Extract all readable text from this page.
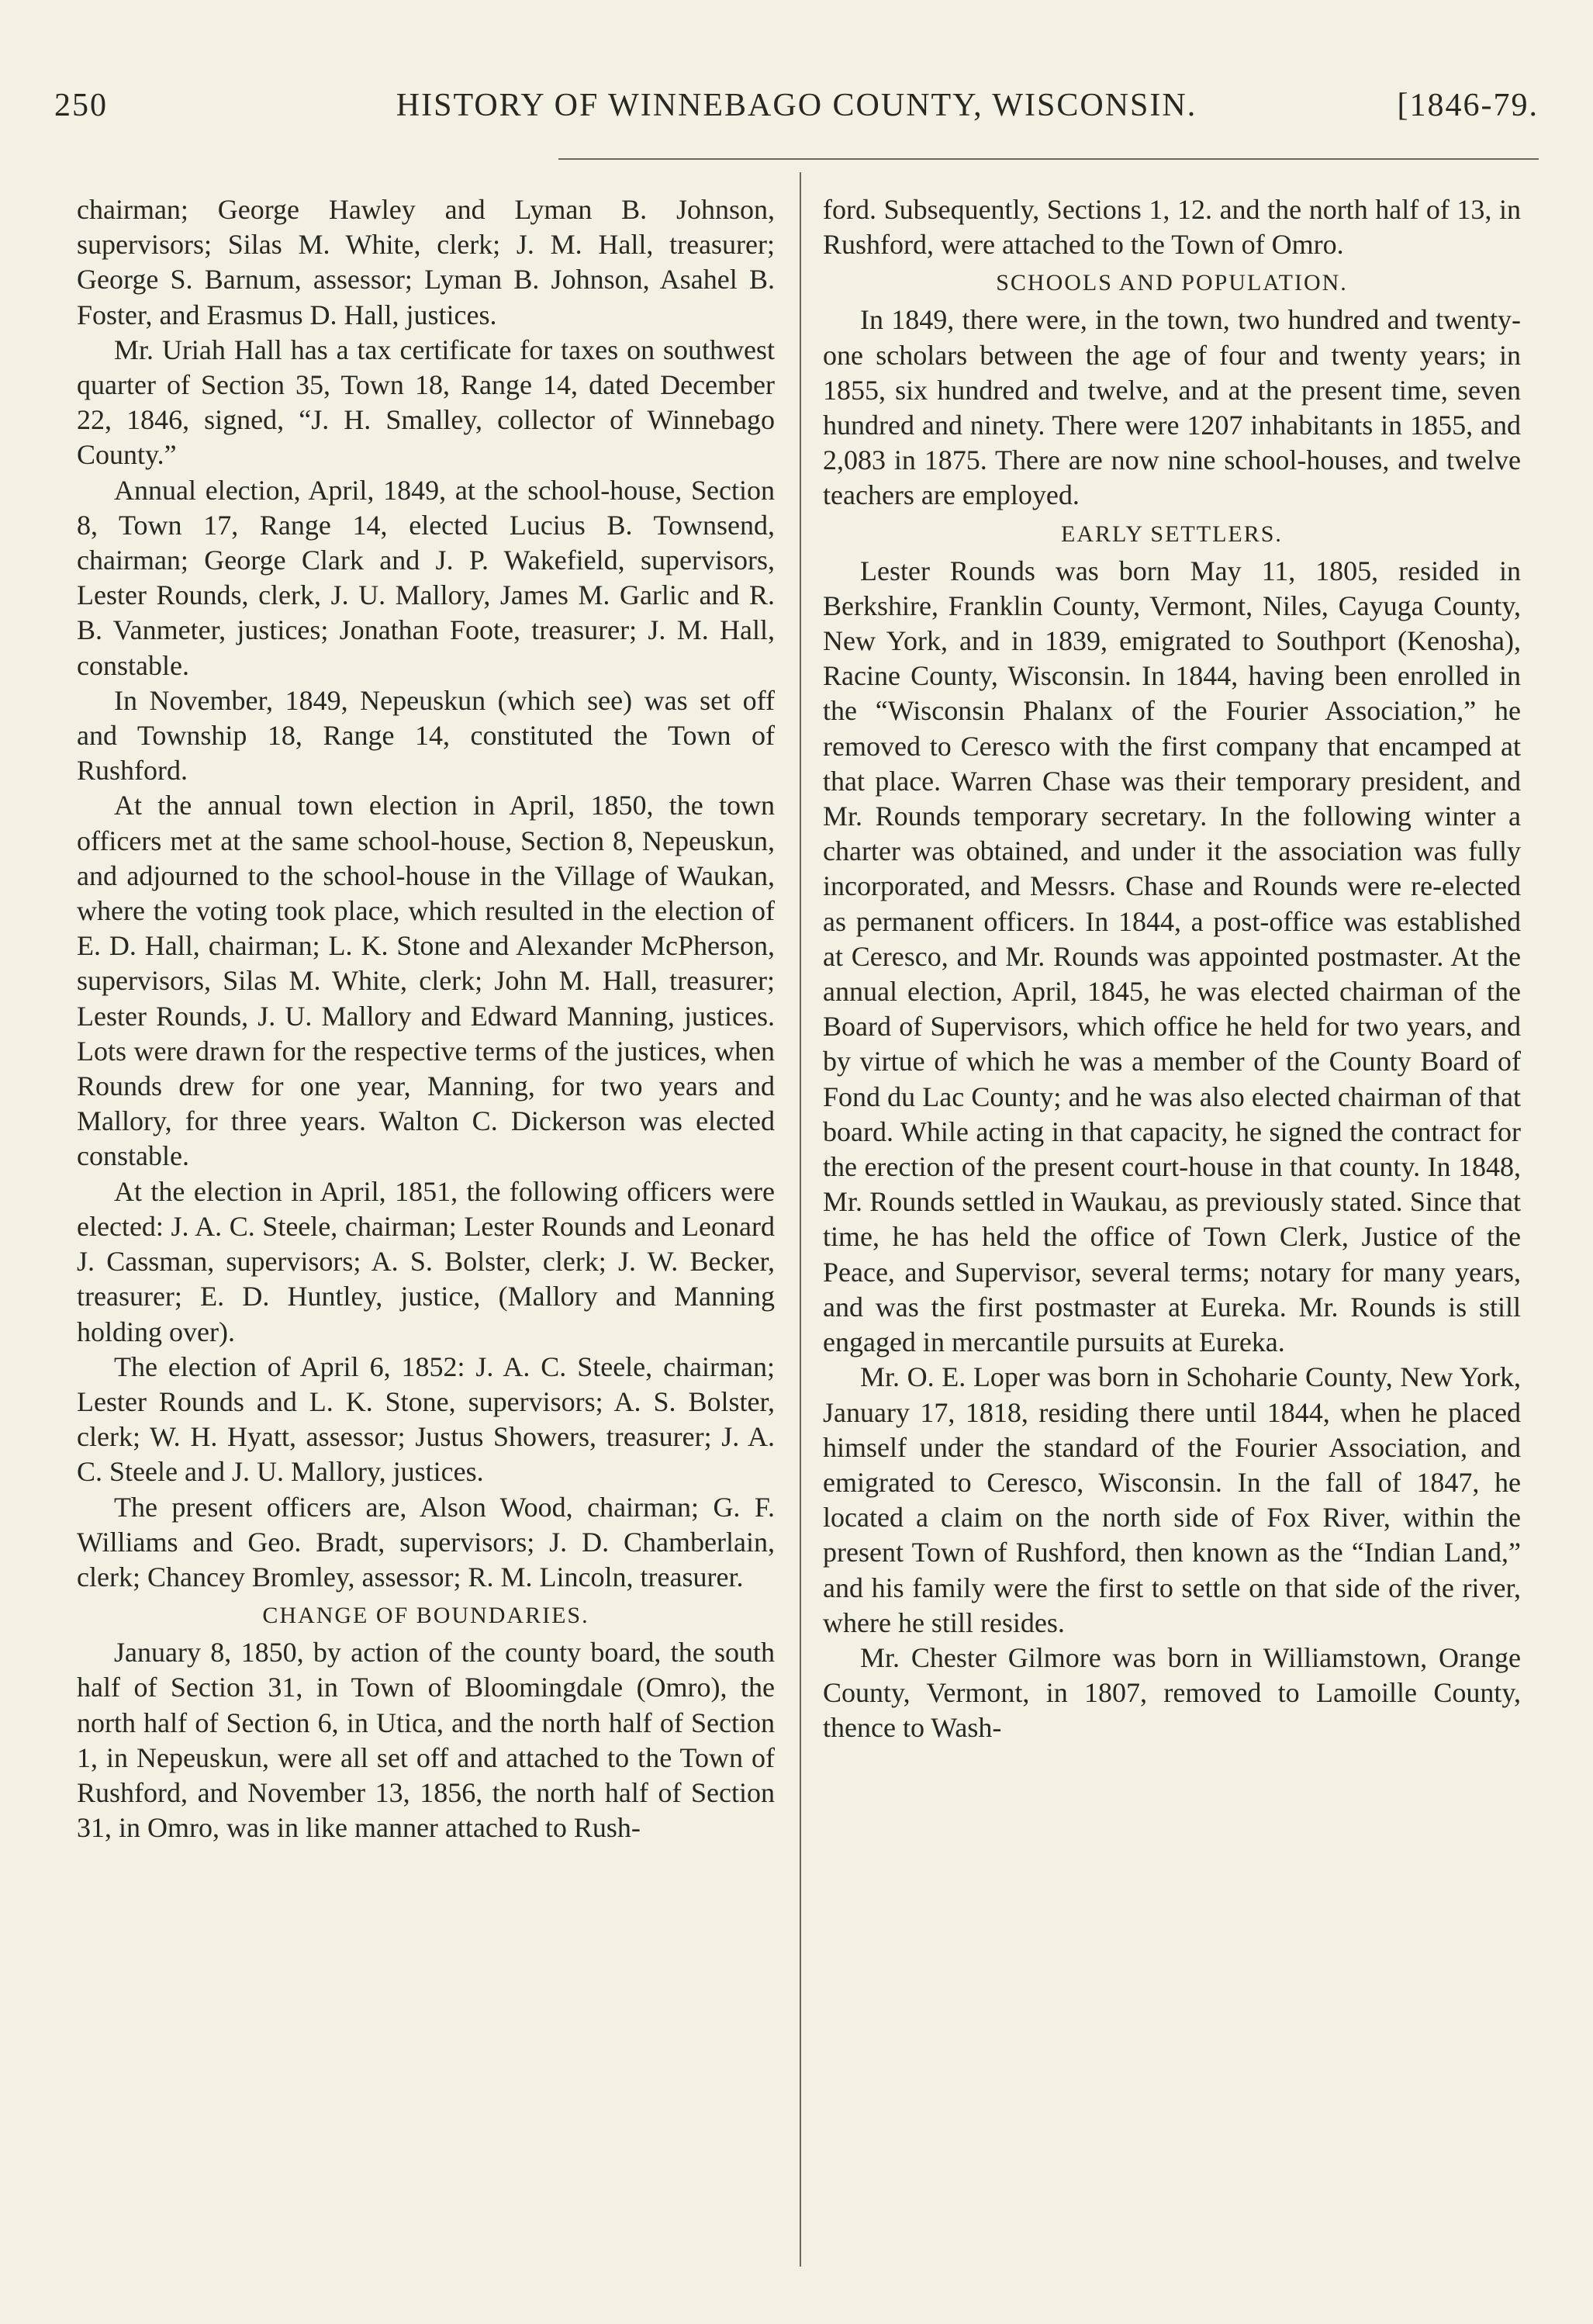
250	HISTORY OF WINNEBAGO COUNTY, WISCONSIN.	[1846-79.

chairman; George Hawley and Lyman B. Johnson, supervisors; Silas M. White, clerk; J. M. Hall, treasurer; George S. Barnum, assessor; Lyman B. Johnson, Asahel B. Foster, and Erasmus D. Hall, justices.

Mr. Uriah Hall has a tax certificate for taxes on southwest quarter of Section 35, Town 18, Range 14, dated December 22, 1846, signed, “J. H. Smalley, collector of Winnebago County.”

Annual election, April, 1849, at the school-house, Section 8, Town 17, Range 14, elected Lucius B. Townsend, chairman; George Clark and J. P. Wakefield, supervisors, Lester Rounds, clerk, J. U. Mallory, James M. Garlic and R. B. Vanmeter, justices; Jonathan Foote, treasurer; J. M. Hall, constable.

In November, 1849, Nepeuskun (which see) was set off and Township 18, Range 14, constituted the Town of Rushford.

At the annual town election in April, 1850, the town officers met at the same school-house, Section 8, Nepeuskun, and adjourned to the school-house in the Village of Waukan, where the voting took place, which resulted in the election of E. D. Hall, chairman; L. K. Stone and Alexander McPherson, supervisors, Silas M. White, clerk; John M. Hall, treasurer; Lester Rounds, J. U. Mallory and Edward Manning, justices. Lots were drawn for the respective terms of the justices, when Rounds drew for one year, Manning, for two years and Mallory, for three years. Walton C. Dickerson was elected constable.

At the election in April, 1851, the following officers were elected: J. A. C. Steele, chairman; Lester Rounds and Leonard J. Cassman, supervisors; A. S. Bolster, clerk; J. W. Becker, treasurer; E. D. Huntley, justice, (Mallory and Manning holding over).

The election of April 6, 1852: J. A. C. Steele, chairman; Lester Rounds and L. K. Stone, supervisors; A. S. Bolster, clerk; W. H. Hyatt, assessor; Justus Showers, treasurer; J. A. C. Steele and J. U. Mallory, justices.

The present officers are, Alson Wood, chairman; G. F. Williams and Geo. Bradt, supervisors; J. D. Chamberlain, clerk; Chancey Bromley, assessor; R. M. Lincoln, treasurer.

CHANGE OF BOUNDARIES.

January 8, 1850, by action of the county board, the south half of Section 31, in Town of Bloomingdale (Omro), the north half of Section 6, in Utica, and the north half of Section 1, in Nepeuskun, were all set off and attached to the Town of Rushford, and November 13, 1856, the north half of Section 31, in Omro, was in like manner attached to Rush-

ford. Subsequently, Sections 1, 12. and the north half of 13, in Rushford, were attached to the Town of Omro.

SCHOOLS AND POPULATION.

In 1849, there were, in the town, two hundred and twenty-one scholars between the age of four and twenty years; in 1855, six hundred and twelve, and at the present time, seven hundred and ninety. There were 1207 inhabitants in 1855, and 2,083 in 1875. There are now nine school-houses, and twelve teachers are employed.

EARLY SETTLERS.

Lester Rounds was born May 11, 1805, resided in Berkshire, Franklin County, Vermont, Niles, Cayuga County, New York, and in 1839, emigrated to Southport (Kenosha), Racine County, Wisconsin. In 1844, having been enrolled in the “Wisconsin Phalanx of the Fourier Association,” he removed to Ceresco with the first company that encamped at that place. Warren Chase was their temporary president, and Mr. Rounds temporary secretary. In the following winter a charter was obtained, and under it the association was fully incorporated, and Messrs. Chase and Rounds were re-elected as permanent officers. In 1844, a post-office was established at Ceresco, and Mr. Rounds was appointed postmaster. At the annual election, April, 1845, he was elected chairman of the Board of Supervisors, which office he held for two years, and by virtue of which he was a member of the County Board of Fond du Lac County; and he was also elected chairman of that board. While acting in that capacity, he signed the contract for the erection of the present court-house in that county. In 1848, Mr. Rounds settled in Waukau, as previously stated. Since that time, he has held the office of Town Clerk, Justice of the Peace, and Supervisor, several terms; notary for many years, and was the first postmaster at Eureka. Mr. Rounds is still engaged in mercantile pursuits at Eureka.

Mr. O. E. Loper was born in Schoharie County, New York, January 17, 1818, residing there until 1844, when he placed himself under the standard of the Fourier Association, and emigrated to Ceresco, Wisconsin. In the fall of 1847, he located a claim on the north side of Fox River, within the present Town of Rushford, then known as the “Indian Land,” and his family were the first to settle on that side of the river, where he still resides.

Mr. Chester Gilmore was born in Williamstown, Orange County, Vermont, in 1807, removed to Lamoille County, thence to Wash-
